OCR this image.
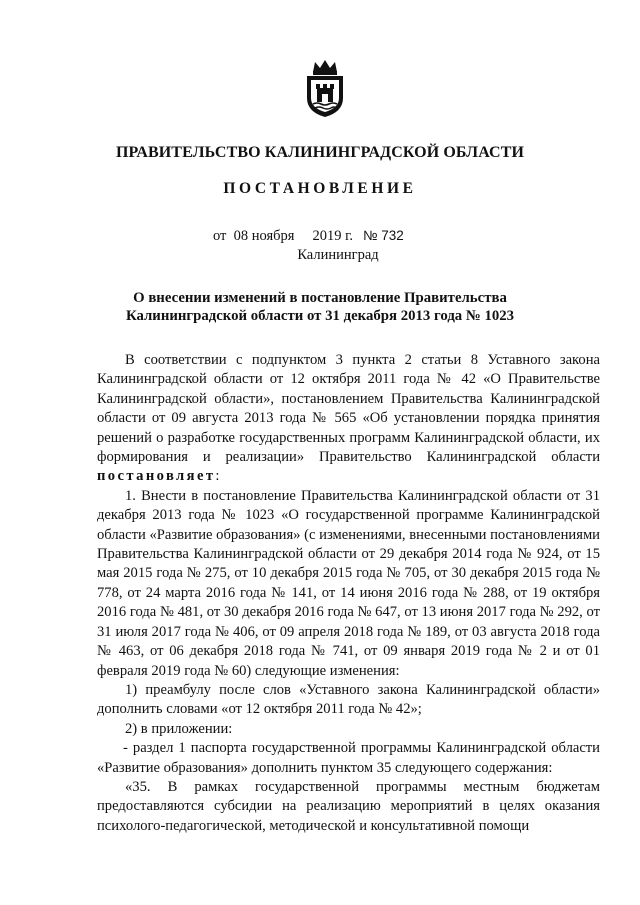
ПРАВИТЕЛЬСТВО КАЛИНИНГРАДСКОЙ ОБЛАСТИ
ПОСТАНОВЛЕНИЕ
от 08 ноября 2019 г. № 732
Калининград
О внесении изменений в постановление Правительства
Калининградской области от 31 декабря 2013 года № 1023

В соответствии с подпунктом 3 пункта 2 статьи 8 Уставного закона Калининградской области от 12 октября 2011 года № 42 «О Правительстве Калининградской области», постановлением Правительства Калининградской области от 09 августа 2013 года № 565 «Об установлении порядка принятия решений о разработке государственных программ Калининградской области, их формирования и реализации» Правительство Калининградской области постановляет:

1. Внести в постановление Правительства Калининградской области от 31 декабря 2013 года № 1023 «О государственной программе Калининградской области «Развитие образования» (с изменениями, внесенными постановлениями Правительства Калининградской области от 29 декабря 2014 года № 924, от 15 мая 2015 года № 275, от 10 декабря 2015 года № 705, от 30 декабря 2015 года № 778, от 24 марта 2016 года № 141, от 14 июня 2016 года № 288, от 19 октября 2016 года № 481, от 30 декабря 2016 года № 647, от 13 июня 2017 года № 292, от 31 июля 2017 года № 406, от 09 апреля 2018 года № 189, от 03 августа 2018 года № 463, от 06 декабря 2018 года № 741, от 09 января 2019 года № 2 и от 01 февраля 2019 года № 60) следующие изменения:

1) преамбулу после слов «Уставного закона Калининградской области» дополнить словами «от 12 октября 2011 года № 42»;

2) в приложении:

- раздел 1 паспорта государственной программы Калининградской области «Развитие образования» дополнить пунктом 35 следующего содержания:

«35. В рамках государственной программы местным бюджетам предоставляются субсидии на реализацию мероприятий в целях оказания психолого-педагогической, методической и консультативной помощи
